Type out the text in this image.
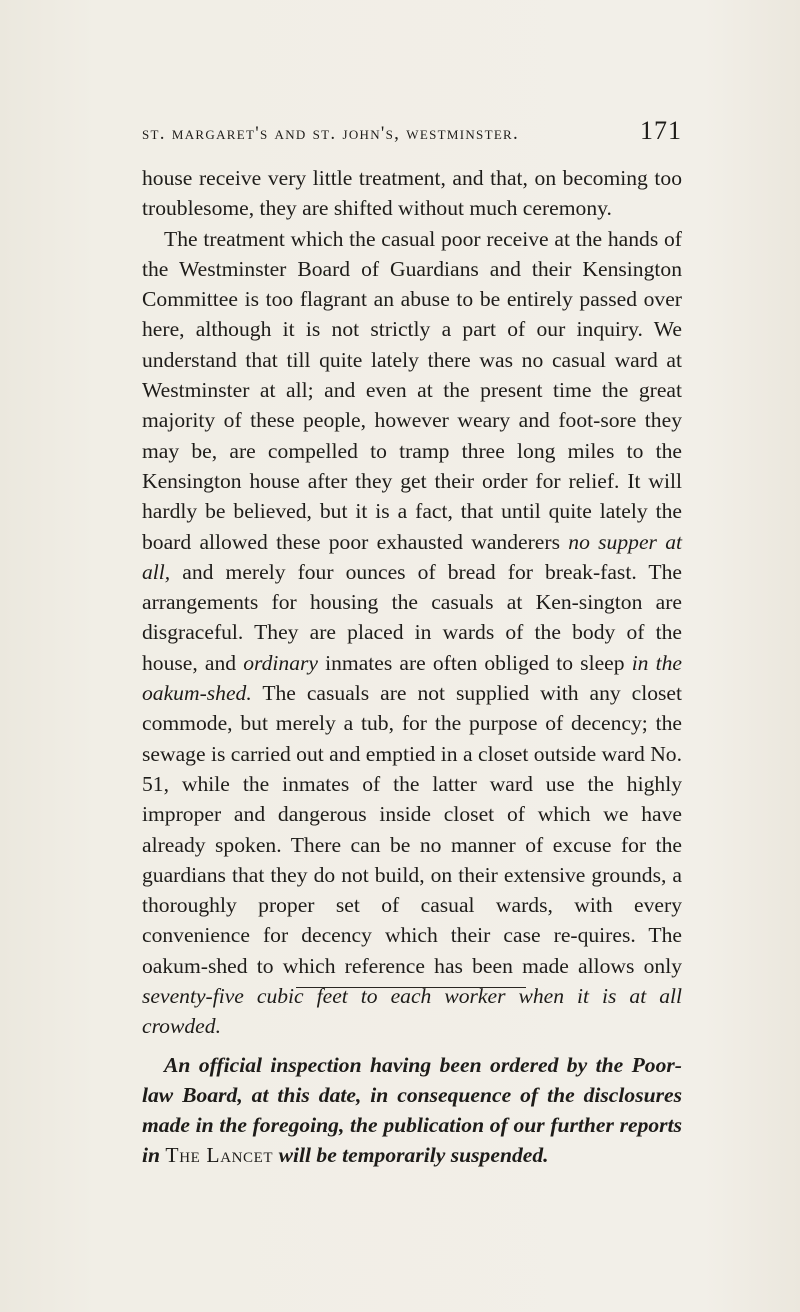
st. margaret's and st. john's, westminster.	171

house receive very little treatment, and that, on becoming too troublesome, they are shifted without much ceremony.

The treatment which the casual poor receive at the hands of the Westminster Board of Guardians and their Kensington Committee is too flagrant an abuse to be entirely passed over here, although it is not strictly a part of our inquiry. We understand that till quite lately there was no casual ward at Westminster at all; and even at the present time the great majority of these people, however weary and foot-sore they may be, are compelled to tramp three long miles to the Kensington house after they get their order for relief. It will hardly be believed, but it is a fact, that until quite lately the board allowed these poor exhausted wanderers no supper at all, and merely four ounces of bread for break-fast. The arrangements for housing the casuals at Ken-sington are disgraceful. They are placed in wards of the body of the house, and ordinary inmates are often obliged to sleep in the oakum-shed. The casuals are not supplied with any closet commode, but merely a tub, for the purpose of decency; the sewage is carried out and emptied in a closet outside ward No. 51, while the inmates of the latter ward use the highly improper and dangerous inside closet of which we have already spoken. There can be no manner of excuse for the guardians that they do not build, on their extensive grounds, a thoroughly proper set of casual wards, with every convenience for decency which their case re-quires. The oakum-shed to which reference has been made allows only seventy-five cubic feet to each worker when it is at all crowded.

An official inspection having been ordered by the Poor-law Board, at this date, in consequence of the disclosures made in the foregoing, the publication of our further reports in The Lancet will be temporarily suspended.
